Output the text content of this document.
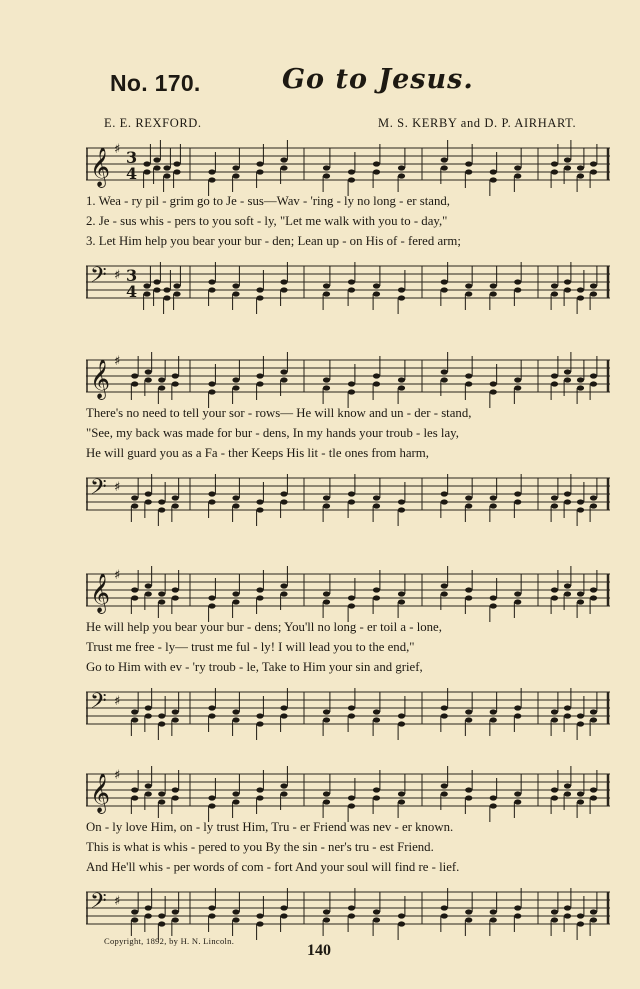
No. 170.	Go to Jesus.
E. E. REXFORD.	M. S. KERBY and D. P. AIRHART.
𝄞 ♯ 3
4
1. Wea - ry pil - grim go to Je - sus—Wav - 'ring - ly no long - er stand,
2. Je - sus whis - pers to you soft - ly, "Let me walk with you to - day,"
3. Let Him help you bear your bur - den; Lean up - on His of - fered arm;
𝄢 ♯ 3
4
𝄞 ♯
There's no need to tell your sor - rows— He will know and un - der - stand,
"See, my back was made for bur - dens, In my hands your troub - les lay,
He will guard you as a Fa - ther Keeps His lit - tle ones from harm,
𝄢 ♯
𝄞 ♯
He will help you bear your bur - dens; You'll no long - er toil a - lone,
Trust me free - ly— trust me ful - ly! I will lead you to the end,"
Go to Him with ev - 'ry troub - le, Take to Him your sin and grief,
𝄢 ♯
𝄞 ♯
On - ly love Him, on - ly trust Him, Tru - er Friend was nev - er known.
This is what is whis - pered to you By the sin - ner's tru - est Friend.
And He'll whis - per words of com - fort And your soul will find re - lief.
𝄢 ♯
Copyright, 1892, by H. N. Lincoln.
140
